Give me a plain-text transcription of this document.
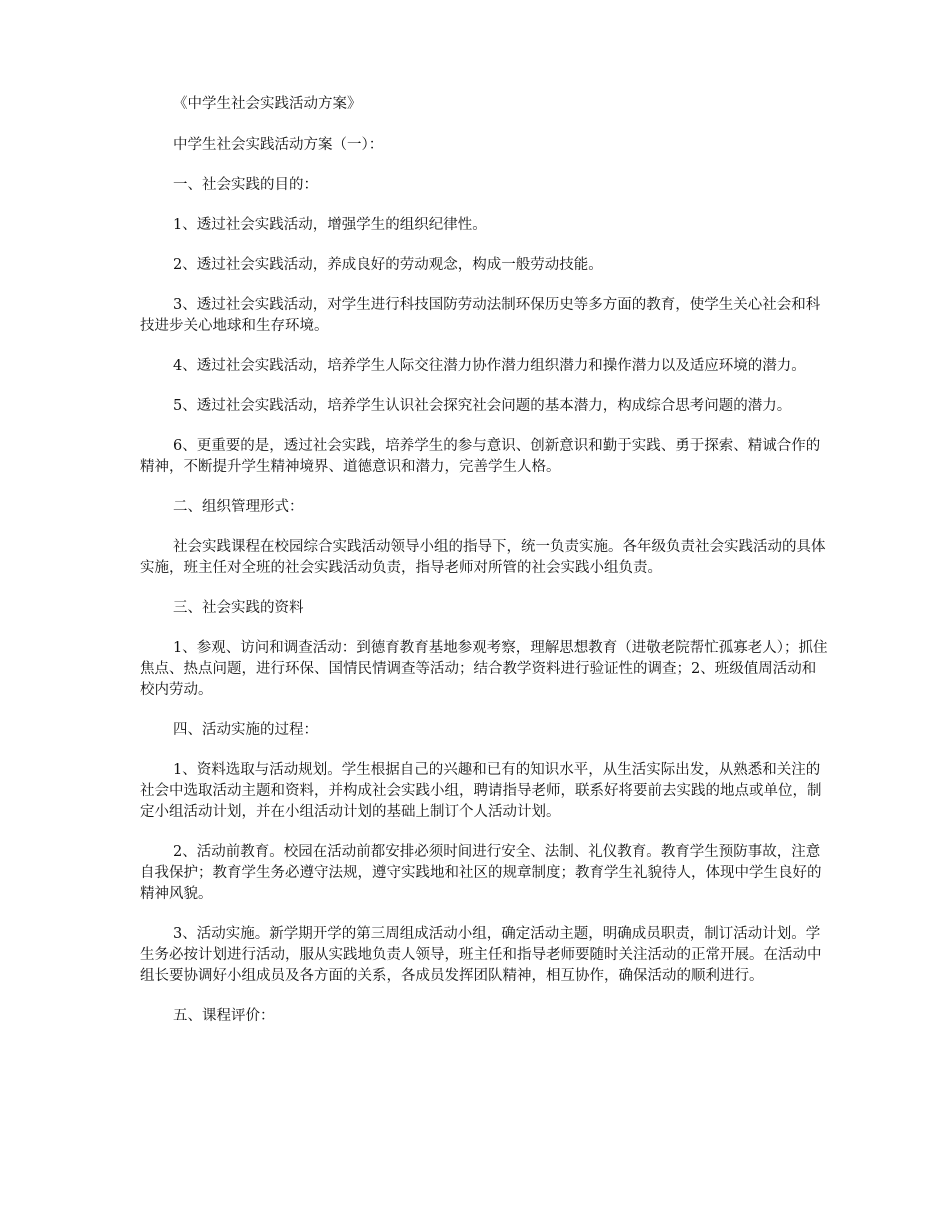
《中学生社会实践活动方案》

中学生社会实践活动方案（一）：

一、社会实践的目的：

1、透过社会实践活动，增强学生的组织纪律性。

2、透过社会实践活动，养成良好的劳动观念，构成一般劳动技能。

3、透过社会实践活动，对学生进行科技国防劳动法制环保历史等多方面的教育，使学生关心社会和科技进步关心地球和生存环境。

4、透过社会实践活动，培养学生人际交往潜力协作潜力组织潜力和操作潜力以及适应环境的潜力。

5、透过社会实践活动，培养学生认识社会探究社会问题的基本潜力，构成综合思考问题的潜力。

6、更重要的是，透过社会实践，培养学生的参与意识、创新意识和勤于实践、勇于探索、精诚合作的精神，不断提升学生精神境界、道德意识和潜力，完善学生人格。

二、组织管理形式：

社会实践课程在校园综合实践活动领导小组的指导下，统一负责实施。各年级负责社会实践活动的具体实施，班主任对全班的社会实践活动负责，指导老师对所管的社会实践小组负责。

三、社会实践的资料

1、参观、访问和调查活动：到德育教育基地参观考察，理解思想教育（进敬老院帮忙孤寡老人）；抓住焦点、热点问题，进行环保、国情民情调查等活动；结合教学资料进行验证性的调查；2、班级值周活动和校内劳动。

四、活动实施的过程：

1、资料选取与活动规划。学生根据自己的兴趣和已有的知识水平，从生活实际出发，从熟悉和关注的社会中选取活动主题和资料，并构成社会实践小组，聘请指导老师，联系好将要前去实践的地点或单位，制定小组活动计划，并在小组活动计划的基础上制订个人活动计划。

2、活动前教育。校园在活动前都安排必须时间进行安全、法制、礼仪教育。教育学生预防事故，注意自我保护；教育学生务必遵守法规，遵守实践地和社区的规章制度；教育学生礼貌待人，体现中学生良好的精神风貌。

3、活动实施。新学期开学的第三周组成活动小组，确定活动主题，明确成员职责，制订活动计划。学生务必按计划进行活动，服从实践地负责人领导，班主任和指导老师要随时关注活动的正常开展。在活动中组长要协调好小组成员及各方面的关系，各成员发挥团队精神，相互协作，确保活动的顺利进行。

五、课程评价：
